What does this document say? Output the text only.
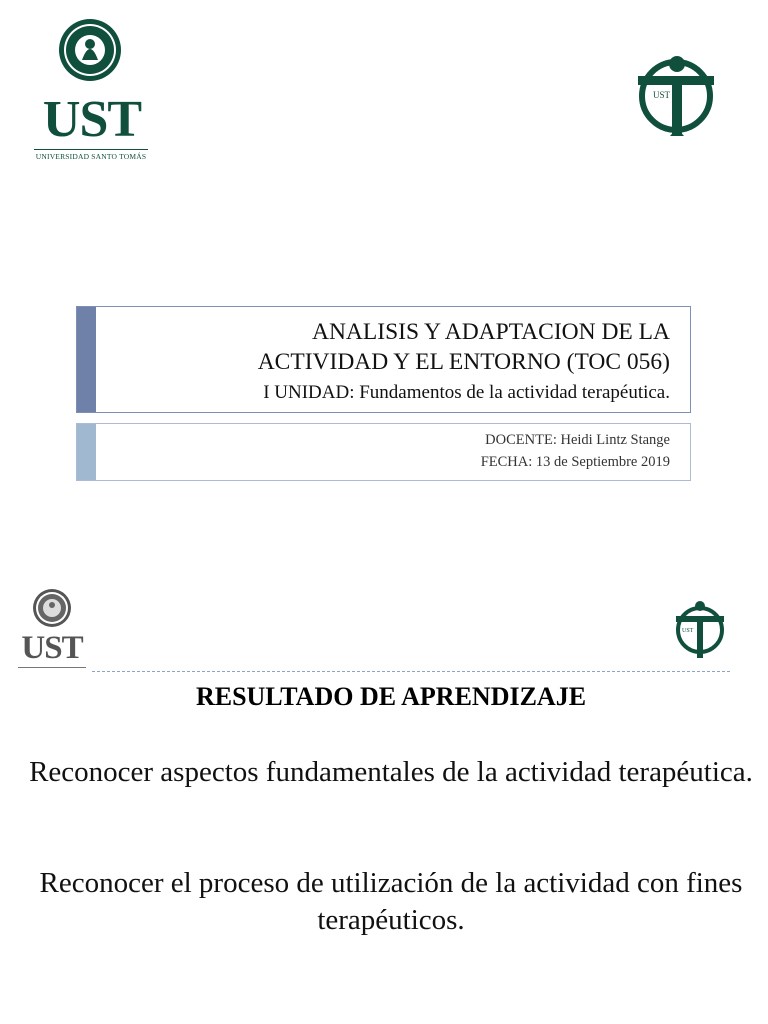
UST
UNIVERSIDAD SANTO TOMÁS
UST
ANALISIS Y ADAPTACION DE LA
ACTIVIDAD Y EL ENTORNO (TOC 056)
I UNIDAD: Fundamentos de la actividad terapéutica.
DOCENTE: Heidi Lintz Stange
FECHA: 13 de Septiembre 2019
UST	UST
RESULTADO DE APRENDIZAJE
Reconocer aspectos fundamentales de la actividad terapéutica.
Reconocer el proceso de utilización de la actividad con fines terapéuticos.
